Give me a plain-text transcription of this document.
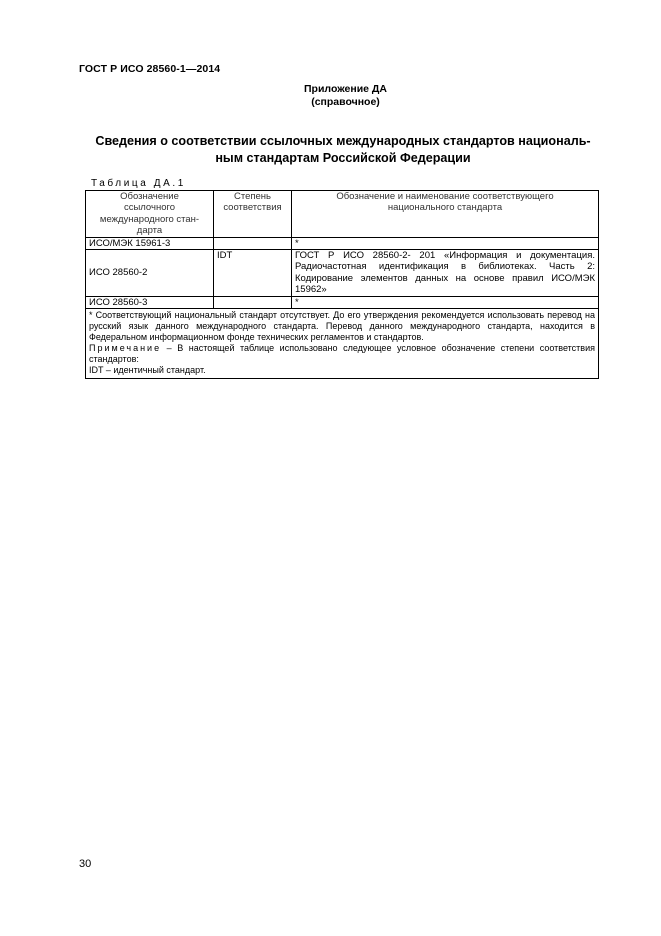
ГОСТ Р ИСО 28560-1—2014
Приложение ДА
(справочное)
Сведения о соответствии ссылочных международных стандартов националь-
ным стандартам Российской Федерации
Таблица ДА.1
Обозначение ссылочного международного стан-дарта	Степень соответствия	Обозначение и наименование соответствующего национального стандарта
ИСО/МЭК 15961-3		*
ИСО 28560-2	IDT	ГОСТ Р ИСО 28560-2- 201 «Информация и документация. Радиочастотная идентификация в библиотеках. Часть 2: Кодирование элементов данных на основе правил ИСО/МЭК 15962»
ИСО 28560-3		*

* Соответствующий национальный стандарт отсутствует. До его утверждения рекомендуется использовать перевод на русский язык данного международного стандарта. Перевод данного международного стандарта, находится в Федеральном информационном фонде технических регламентов и стандартов.

Примечание – В настоящей таблице использовано следующее условное обозначение степени соответствия стандартов:

IDT – идентичный стандарт.		

30
